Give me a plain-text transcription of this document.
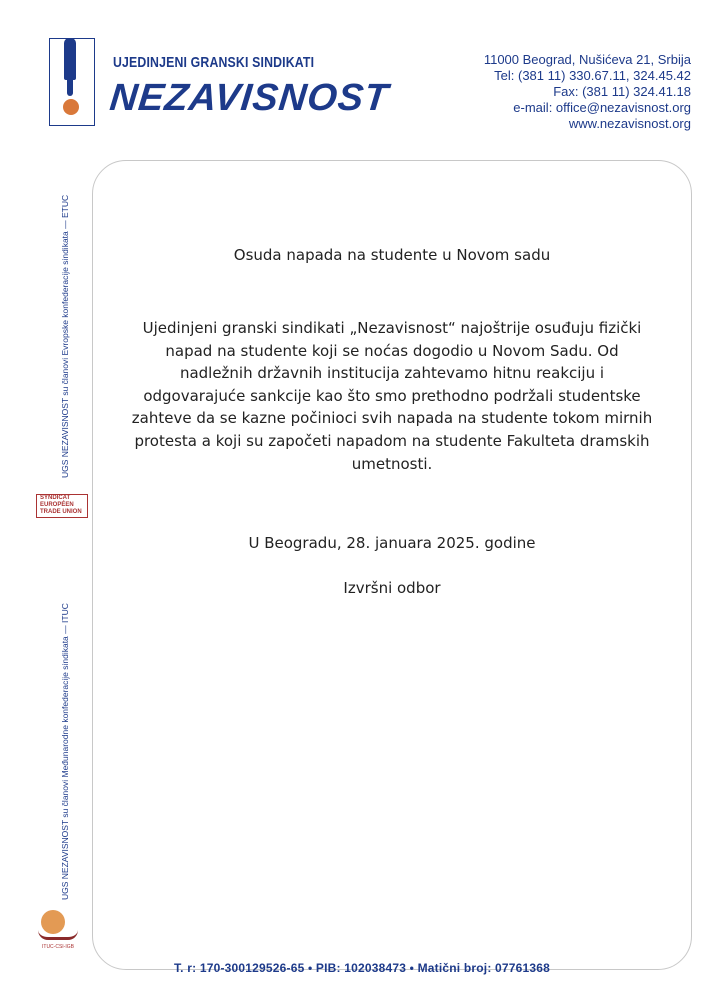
UJEDINJENI GRANSKI SINDIKATI
NEZAVISNOST
11000 Beograd, Nušićeva 21, Srbija
Tel: (381 11) 330.67.11, 324.45.42
Fax: (381 11) 324.41.18
e-mail: office@nezavisnost.org
www.nezavisnost.org
UGS NEZAVISNOST su članovi Evropske konfederacije sindikata — ETUC
SYNDICAT
EUROPÉEN
TRADE UNION
UGS NEZAVISNOST su članovi Međunarodne konfederacije sindikata — ITUC
ITUC-CSI-IGB
Osuda napada na studente u Novom sadu
Ujedinjeni granski sindikati „Nezavisnost“ najoštrije osuđuju fizički
napad na studente koji se noćas dogodio u Novom Sadu. Od
nadležnih državnih institucija zahtevamo hitnu reakciju i
odgovarajuće sankcije kao što smo prethodno podržali studentske
zahteve da se kazne počinioci svih napada na studente tokom mirnih
protesta a koji su započeti napadom na studente Fakulteta dramskih
umetnosti.
U Beogradu, 28. januara 2025. godine
Izvršni odbor
T. r: 170-300129526-65 • PIB: 102038473 • Matični broj: 07761368
